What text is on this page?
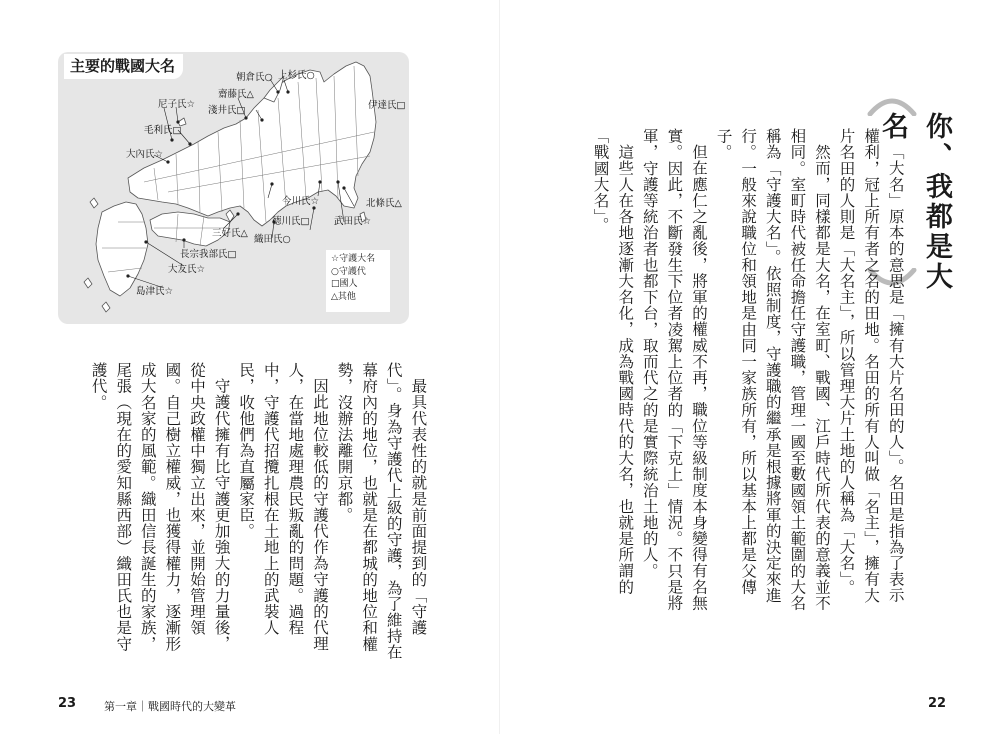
主要的戰國大名
朝倉氏○ 上杉氏○
齋藤氏△
淺井氏□
尼子氏☆	伊達氏□
毛利氏□
大內氏☆
今川氏☆	北條氏△
德川氏□	武田氏☆
三好氏△
織田氏○
長宗我部氏□
大友氏☆
島津氏☆
☆守護大名
○守護代
□國人
△其他

最具代表性的就是前面提到的「守護代」。身為守護代上級的守護，為了維持在幕府內的地位，也就是在都城的地位和權勢，沒辦法離開京都。

因此地位較低的守護代作為守護的代理人，在當地處理農民叛亂的問題。過程中，守護代招攬扎根在土地上的武裝人民，收他們為直屬家臣。

守護代擁有比守護更加強大的力量後，從中央政權中獨立出來，並開始管理領國。自己樹立權威，也獲得權力，逐漸形成大名家的風範。織田信長誕生的家族，尾張（現在的愛知縣西部）織田氏也是守護代。

你、我都是大名

「大名」原本的意思是「擁有大片名田的人」。名田是指為了表示權利，冠上所有者之名的田地。名田的所有人叫做「名主」，擁有大片名田的人則是「大名主」，所以管理大片土地的人稱為「大名」。

然而，同樣都是大名，在室町、戰國、江戶時代所代表的意義並不相同。室町時代被任命擔任守護職，管理一國至數國領土範圍的大名稱為「守護大名」。依照制度，守護職的繼承是根據將軍的決定來進行。一般來說職位和領地是由同一家族所有，所以基本上都是父傳子。

但在應仁之亂後，將軍的權威不再，職位等級制度本身變得有名無實。因此，不斷發生下位者凌駕上位者的「下克上」情況。不只是將軍，守護等統治者也都下台，取而代之的是實際統治土地的人。

這些人在各地逐漸大名化，成為戰國時代的大名，也就是所謂的「戰國大名」。

23	第一章｜戰國時代的大變革	22
